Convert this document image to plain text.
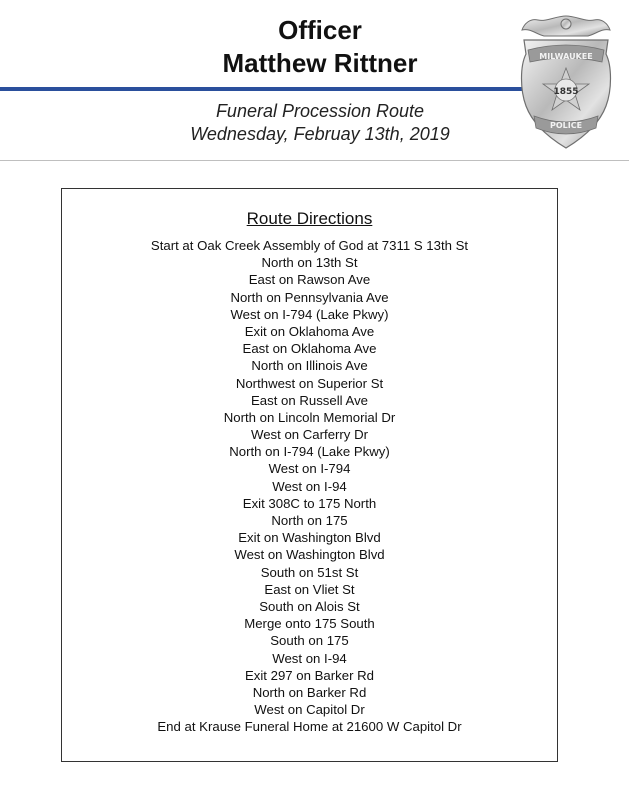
Officer
Matthew Rittner
Funeral Procession Route
Wednesday, Februay 13th, 2019
MILWAUKEE
1855
POLICE
Route Directions
Start at Oak Creek Assembly of God at 7311 S 13th St
North on 13th St
East on Rawson Ave
North on Pennsylvania Ave
West on I-794 (Lake Pkwy)
Exit on Oklahoma Ave
East on Oklahoma Ave
North on Illinois Ave
Northwest on Superior St
East on Russell Ave
North on Lincoln Memorial Dr
West on Carferry Dr
North on I-794 (Lake Pkwy)
West on I-794
West on I-94
Exit 308C to 175 North
North on 175
Exit on Washington Blvd
West on Washington Blvd
South on 51st St
East on Vliet St
South on Alois St
Merge onto 175 South
South on 175
West on I-94
Exit 297 on Barker Rd
North on Barker Rd
West on Capitol Dr
End at Krause Funeral Home at 21600 W Capitol Dr
